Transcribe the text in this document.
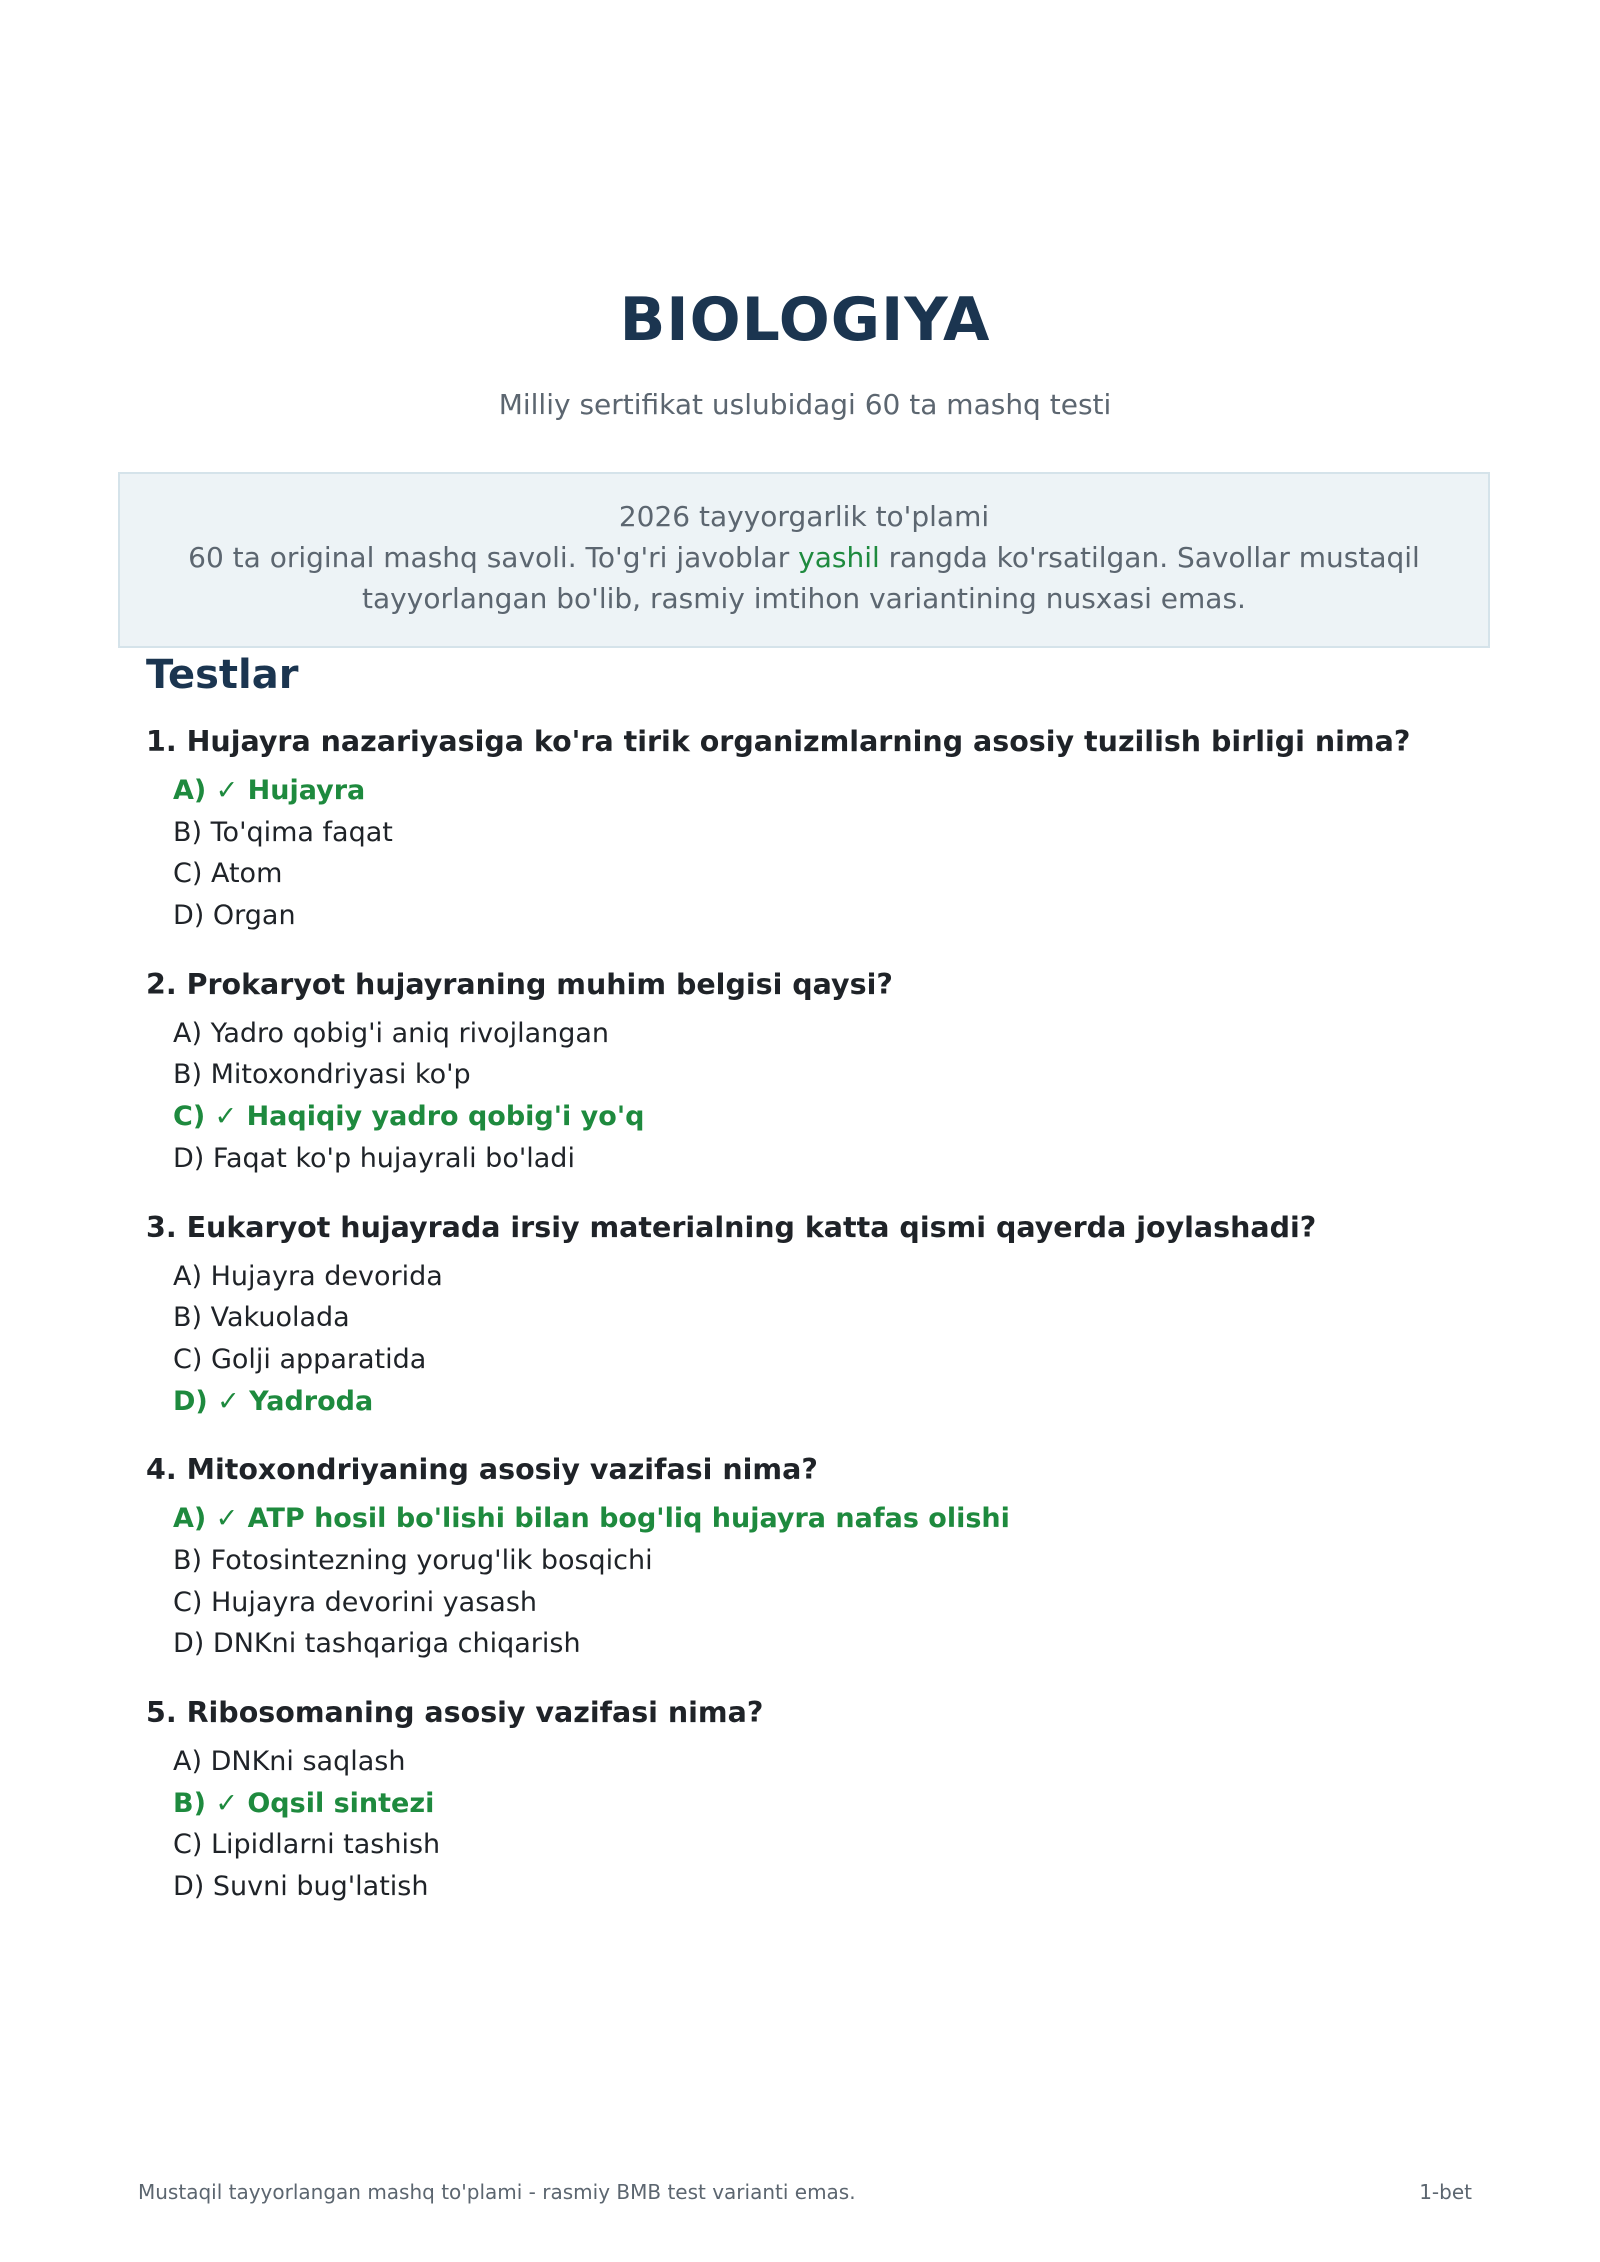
BIOLOGIYA
Milliy sertifikat uslubidagi 60 ta mashq testi
2026 tayyorgarlik to'plami
60 ta original mashq savoli. To'g'ri javoblar yashil rangda ko'rsatilgan. Savollar mustaqil
tayyorlangan bo'lib, rasmiy imtihon variantining nusxasi emas.
Testlar
1. Hujayra nazariyasiga ko'ra tirik organizmlarning asosiy tuzilish birligi nima?
A) ✓ Hujayra
B) To'qima faqat
C) Atom
D) Organ
2. Prokaryot hujayraning muhim belgisi qaysi?
A) Yadro qobig'i aniq rivojlangan
B) Mitoxondriyasi ko'p
C) ✓ Haqiqiy yadro qobig'i yo'q
D) Faqat ko'p hujayrali bo'ladi
3. Eukaryot hujayrada irsiy materialning katta qismi qayerda joylashadi?
A) Hujayra devorida
B) Vakuolada
C) Golji apparatida
D) ✓ Yadroda
4. Mitoxondriyaning asosiy vazifasi nima?
A) ✓ ATP hosil bo'lishi bilan bog'liq hujayra nafas olishi
B) Fotosintezning yorug'lik bosqichi
C) Hujayra devorini yasash
D) DNKni tashqariga chiqarish
5. Ribosomaning asosiy vazifasi nima?
A) DNKni saqlash
B) ✓ Oqsil sintezi
C) Lipidlarni tashish
D) Suvni bug'latish
Mustaqil tayyorlangan mashq to'plami - rasmiy BMB test varianti emas.	1-bet
